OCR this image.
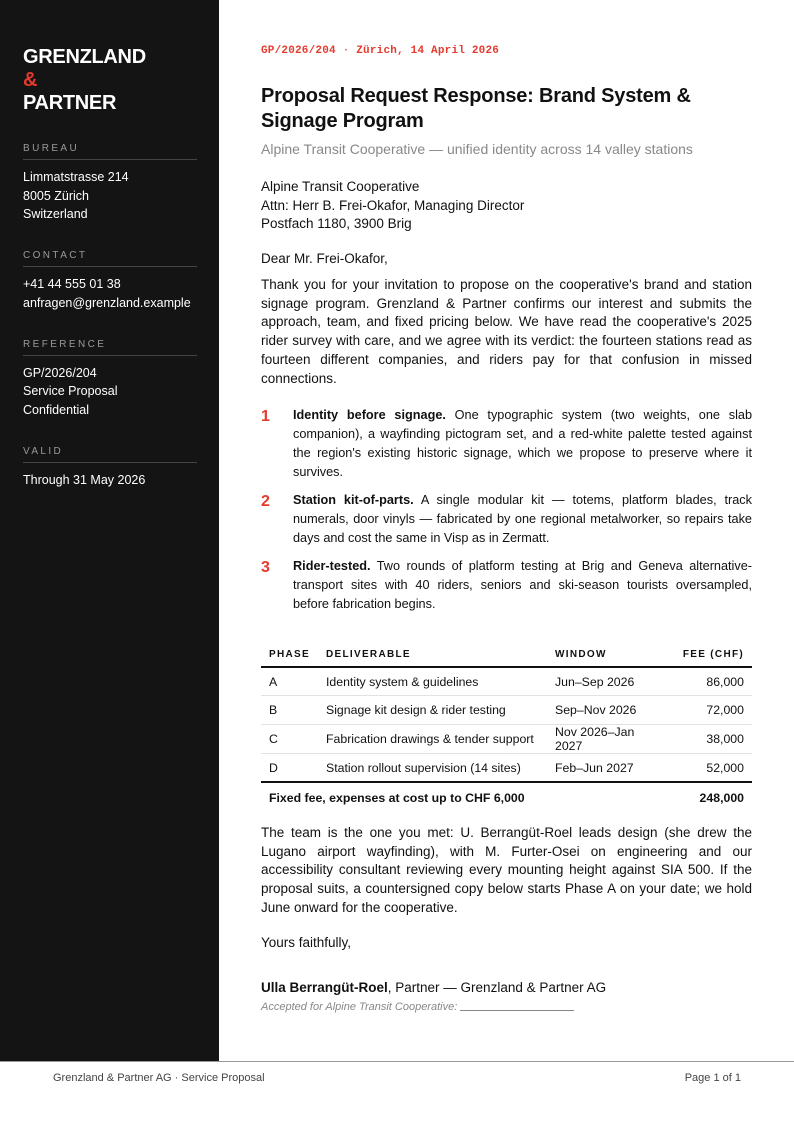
GRENZLAND
&
PARTNER
BUREAU
Limmatstrasse 214
8005 Zürich
Switzerland
CONTACT
+41 44 555 01 38
anfragen@grenzland.example
REFERENCE
GP/2026/204
Service Proposal
Confidential
VALID
Through 31 May 2026
GP/2026/204 · Zürich, 14 April 2026
Proposal Request Response: Brand System & Signage Program
Alpine Transit Cooperative — unified identity across 14 valley stations
Alpine Transit Cooperative
Attn: Herr B. Frei-Okafor, Managing Director
Postfach 1180, 3900 Brig
Dear Mr. Frei-Okafor,

Thank you for your invitation to propose on the cooperative's brand and station signage program. Grenzland & Partner confirms our interest and submits the approach, team, and fixed pricing below. We have read the cooperative's 2025 rider survey with care, and we agree with its verdict: the fourteen stations read as fourteen different companies, and riders pay for that confusion in missed connections.

1 Identity before signage. One typographic system (two weights, one slab companion), a wayfinding pictogram set, and a red-white palette tested against the region's existing historic signage, which we propose to preserve where it survives.
2 Station kit-of-parts. A single modular kit — totems, platform blades, track numerals, door vinyls — fabricated by one regional metalworker, so repairs take days and cost the same in Visp as in Zermatt.
3 Rider-tested. Two rounds of platform testing at Brig and Geneva alternative-transport sites with 40 riders, seniors and ski-season tourists oversampled, before fabrication begins.
PHASE	DELIVERABLE	WINDOW	FEE (CHF)
A	Identity system & guidelines	Jun–Sep 2026	86,000
B	Signage kit design & rider testing	Sep–Nov 2026	72,000
C	Fabrication drawings & tender support	Nov 2026–Jan 2027	38,000
D	Station rollout supervision (14 sites)	Feb–Jun 2027	52,000
Fixed fee, expenses at cost up to CHF 6,000			248,000

The team is the one you met: U. Berrangüt-Roel leads design (she drew the Lugano airport wayfinding), with M. Furter-Osei on engineering and our accessibility consultant reviewing every mounting height against SIA 500. If the proposal suits, a countersigned copy below starts Phase A on your date; we hold June onward for the cooperative.

Yours faithfully,
Ulla Berrangüt-Roel, Partner — Grenzland & Partner AG
Accepted for Alpine Transit Cooperative:
Grenzland & Partner AG · Service Proposal	Page 1 of 1
